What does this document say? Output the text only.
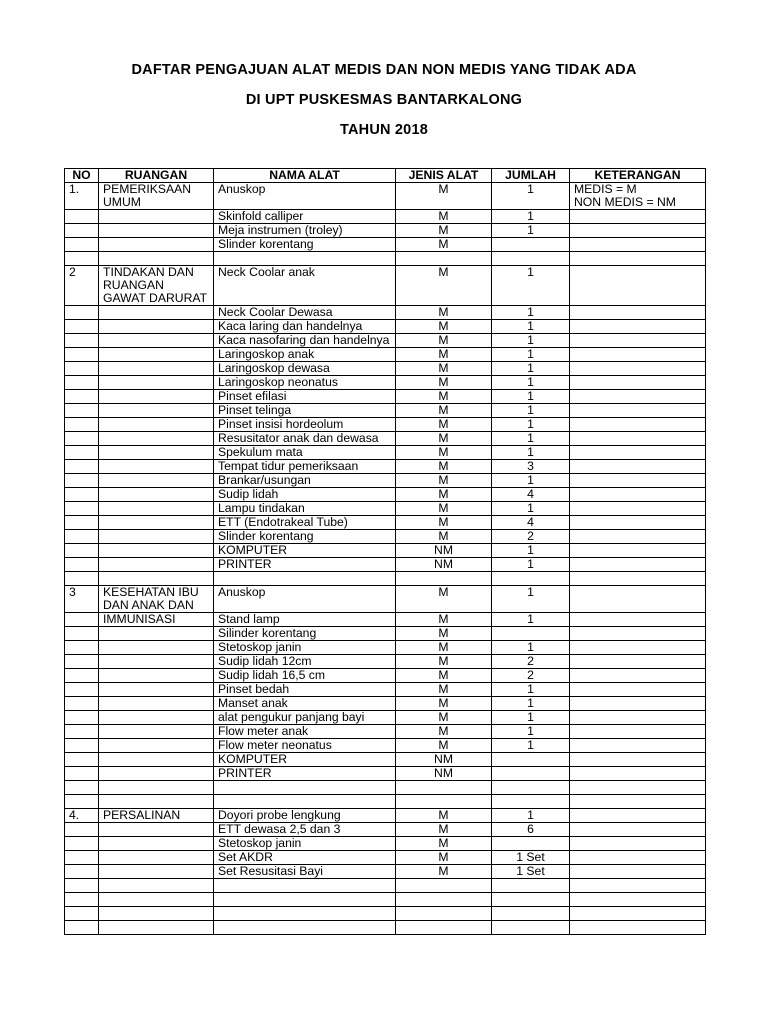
DAFTAR PENGAJUAN ALAT MEDIS DAN NON MEDIS YANG TIDAK ADA
DI UPT PUSKESMAS BANTARKALONG
TAHUN 2018
NO	RUANGAN	NAMA ALAT	JENIS ALAT	JUMLAH	KETERANGAN
1.	PEMERIKSAAN UMUM	Anuskop	M	1	MEDIS = M
NON MEDIS = NM
		Skinfold calliper	M	1	
		Meja instrumen (troley)	M	1	
		Slinder korentang	M		

2	TINDAKAN DAN RUANGAN GAWAT DARURAT	Neck Coolar anak	M	1	
		Neck Coolar Dewasa	M	1	
		Kaca laring dan handelnya	M	1	
		Kaca nasofaring dan handelnya	M	1	
		Laringoskop anak	M	1	
		Laringoskop dewasa	M	1	
		Laringoskop neonatus	M	1	
		Pinset efilasi	M	1	
		Pinset telinga	M	1	
		Pinset insisi hordeolum	M	1	
		Resusitator anak dan dewasa	M	1	
		Spekulum mata	M	1	
		Tempat tidur pemeriksaan	M	3	
		Brankar/usungan	M	1	
		Sudip lidah	M	4	
		Lampu tindakan	M	1	
		ETT (Endotrakeal Tube)	M	4	
		Slinder korentang	M	2	
		KOMPUTER	NM	1	
		PRINTER	NM	1	

3	KESEHATAN IBU DAN ANAK DAN	Anuskop	M	1	
	IMMUNISASI	Stand lamp	M	1	
		Silinder korentang	M		
		Stetoskop janin	M	1	
		Sudip lidah 12cm	M	2	
		Sudip lidah 16,5 cm	M	2	
		Pinset bedah	M	1	
		Manset anak	M	1	
		alat pengukur panjang bayi	M	1	
		Flow meter anak	M	1	
		Flow meter neonatus	M	1	
		KOMPUTER	NM		
		PRINTER	NM		

4.	PERSALINAN	Doyori probe lengkung	M	1	
		ETT dewasa 2,5 dan 3	M	6	
		Stetoskop janin	M		
		Set AKDR	M	1 Set	
		Set Resusitasi Bayi	M	1 Set	
